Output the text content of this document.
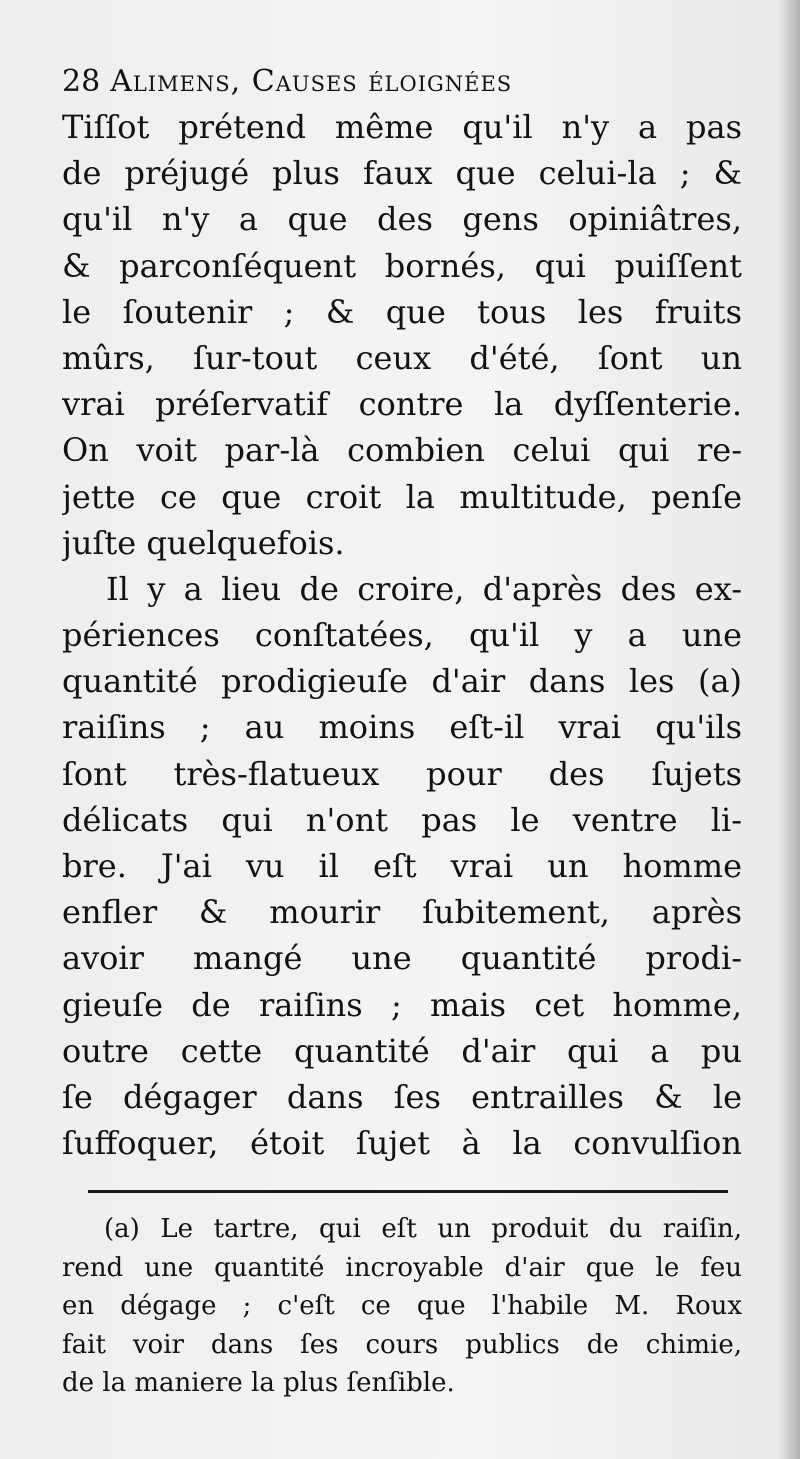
28 Alimens, Causes éloignées
Tiſſot prétend même qu'il n'y a pas
de préjugé plus faux que celui-la ; &
qu'il n'y a que des gens opiniâtres,
& parconſéquent bornés, qui puiſſent
le ſoutenir ; & que tous les fruits
mûrs, ſur-tout ceux d'été, ſont un
vrai préſervatif contre la dyſſenterie.
On voit par-là combien celui qui re-
jette ce que croit la multitude, penſe
juſte quelquefois.
Il y a lieu de croire, d'après des ex-
périences conſtatées, qu'il y a une
quantité prodigieuſe d'air dans les (a)
raiſins ; au moins eſt-il vrai qu'ils
ſont très-flatueux pour des ſujets
délicats qui n'ont pas le ventre li-
bre. J'ai vu il eſt vrai un homme
enfler & mourir ſubitement, après
avoir mangé une quantité prodi-
gieuſe de raiſins ; mais cet homme,
outre cette quantité d'air qui a pu
ſe dégager dans ſes entrailles & le
ſuffoquer, étoit ſujet à la convulſion
(a) Le tartre, qui eſt un produit du raiſin,
rend une quantité incroyable d'air que le feu
en dégage ; c'eſt ce que l'habile M. Roux
fait voir dans ſes cours publics de chimie,
de la maniere la plus ſenſible.
